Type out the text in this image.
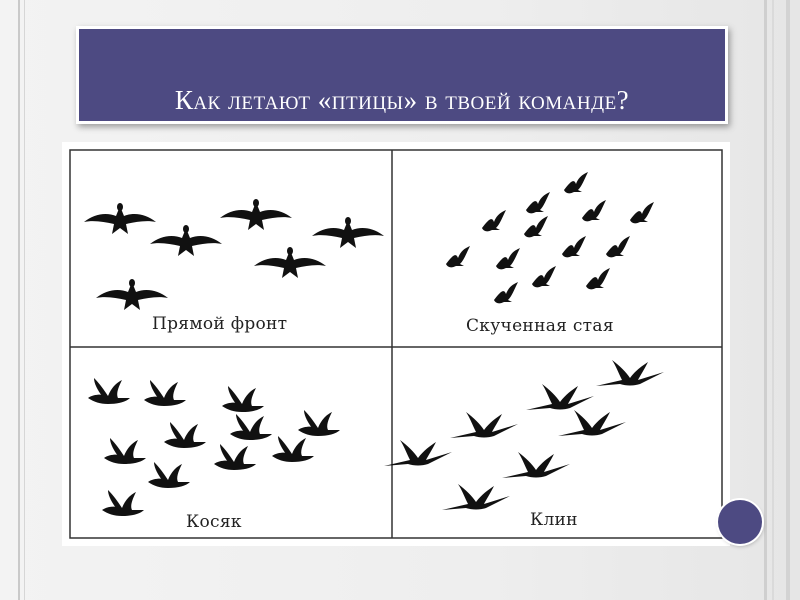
Как летают «птицы» в твоей команде?
Прямой фронт	Скученная стая
Косяк	Клин
